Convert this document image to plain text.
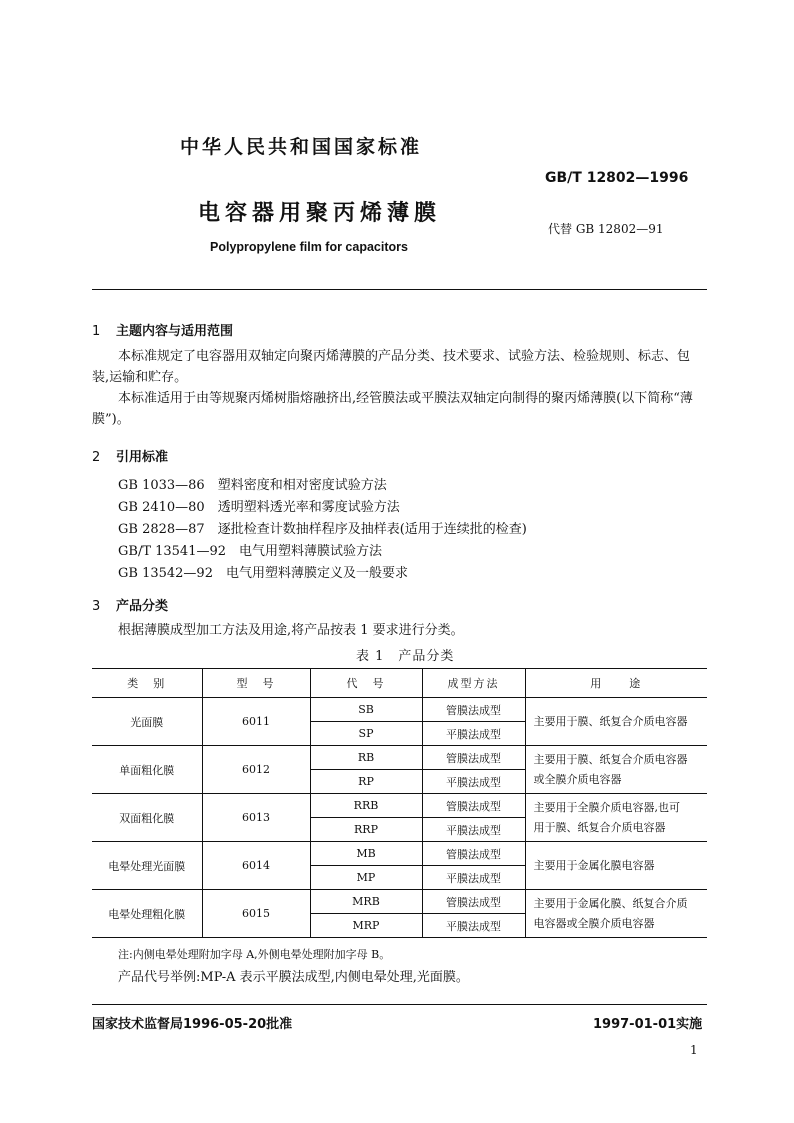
中华人民共和国国家标准
GB/T 12802—1996
电容器用聚丙烯薄膜
代替 GB 12802—91
Polypropylene film for capacitors
1 主题内容与适用范围
本标准规定了电容器用双轴定向聚丙烯薄膜的产品分类、技术要求、试验方法、检验规则、标志、包装,运输和贮存。
本标准适用于由等规聚丙烯树脂熔融挤出,经管膜法或平膜法双轴定向制得的聚丙烯薄膜(以下简称“薄膜”)。
2 引用标准
GB 1033—86　塑料密度和相对密度试验方法
GB 2410—80　透明塑料透光率和雾度试验方法
GB 2828—87　逐批检查计数抽样程序及抽样表(适用于连续批的检查)
GB/T 13541—92　电气用塑料薄膜试验方法
GB 13542—92　电气用塑料薄膜定义及一般要求
3 产品分类
根据薄膜成型加工方法及用途,将产品按表 1 要求进行分类。
表 1　产品分类
类　别	型　号	代　号	成型方法	用　　途
光面膜	6011	SB	管膜法成型	主要用于膜、纸复合介质电容器
		SP	平膜法成型	
单面粗化膜	6012	RB	管膜法成型	主要用于膜、纸复合介质电容器
或全膜介质电容器
		RP	平膜法成型	
双面粗化膜	6013	RRB	管膜法成型	主要用于全膜介质电容器,也可
用于膜、纸复合介质电容器
		RRP	平膜法成型	
电晕处理光面膜	6014	MB	管膜法成型	主要用于金属化膜电容器
		MP	平膜法成型	
电晕处理粗化膜	6015	MRB	管膜法成型	主要用于金属化膜、纸复合介质
电容器或全膜介质电容器
		MRP	平膜法成型	
注:内侧电晕处理附加字母 A,外侧电晕处理附加字母 B。
产品代号举例:MP-A 表示平膜法成型,内侧电晕处理,光面膜。
国家技术监督局1996-05-20批准	1997-01-01实施
1
